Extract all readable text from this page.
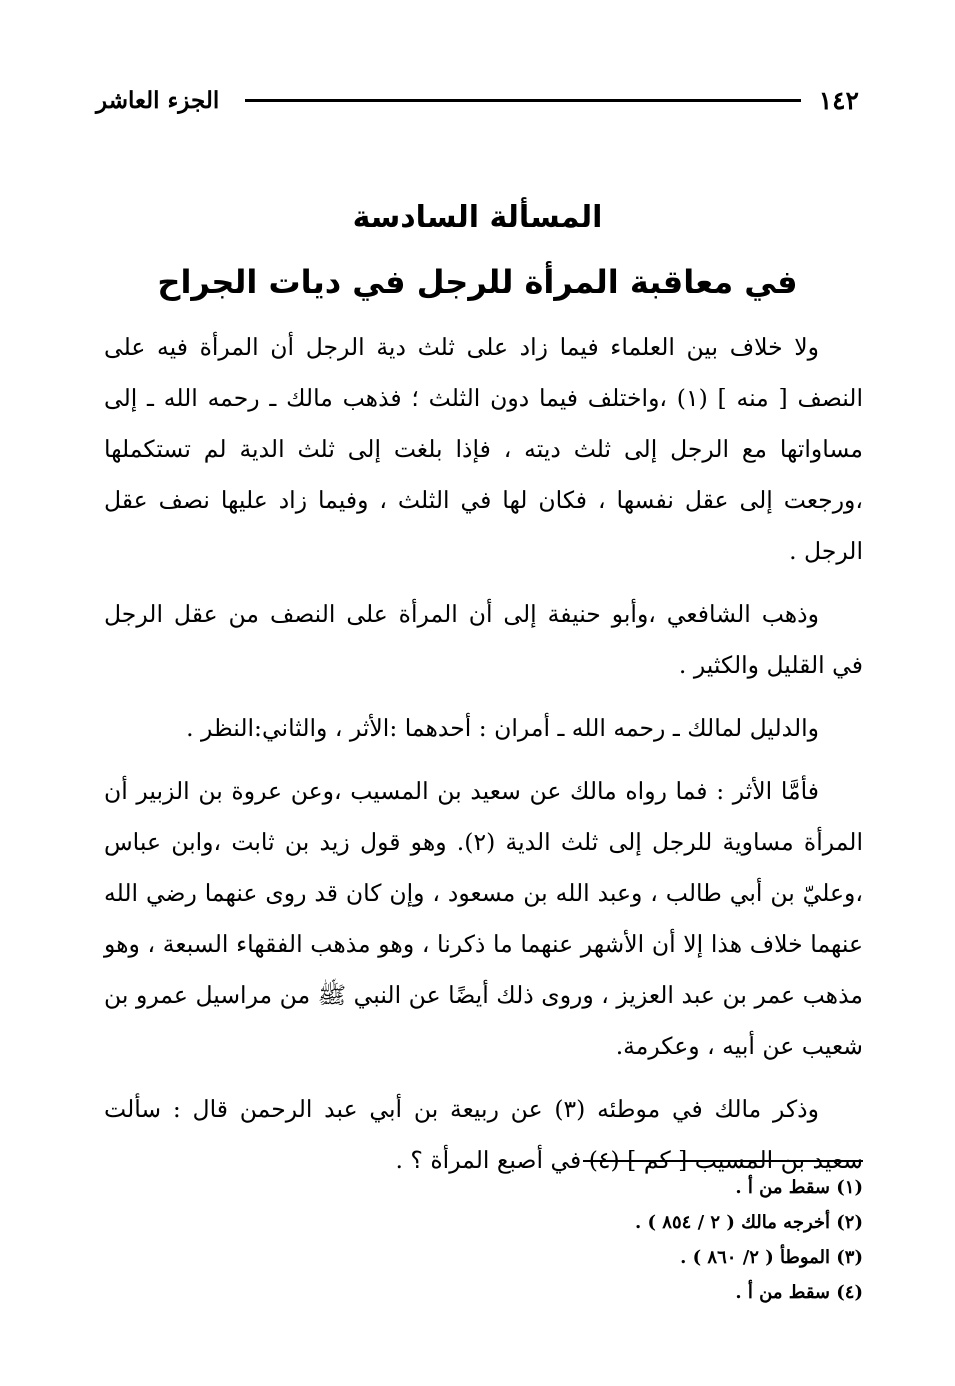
١٤٢
الجزء العاشر
المسألة السادسة
في معاقبة المرأة للرجل في ديات الجراح

ولا خلاف بين العلماء فيما زاد على ثلث دية الرجل أن المرأة فيه على النصف [ منه ] (١) ،واختلف فيما دون الثلث ؛ فذهب مالك ـ رحمه الله ـ إلى مساواتها مع الرجل إلى ثلث ديته ، فإذا بلغت إلى ثلث الدية لم تستكملها ،ورجعت إلى عقل نفسها ، فكان لها في الثلث ، وفيما زاد عليها نصف عقل الرجل .

وذهب الشافعي ،وأبو حنيفة إلى أن المرأة على النصف من عقل الرجل في القليل والكثير .

والدليل لمالك ـ رحمه الله ـ أمران : أحدهما :الأثر ، والثاني:النظر .

فأمَّا الأثر : فما رواه مالك عن سعيد بن المسيب ،وعن عروة بن الزبير أن المرأة مساوية للرجل إلى ثلث الدية (٢). وهو قول زيد بن ثابت ،وابن عباس ،وعليّ بن أبي طالب ، وعبد الله بن مسعود ، وإن كان قد روى عنهما رضي الله عنهما خلاف هذا إلا أن الأشهر عنهما ما ذكرنا ، وهو مذهب الفقهاء السبعة ، وهو مذهب عمر بن عبد العزيز ، وروى ذلك أيضًا عن النبي ﷺ من مراسيل عمرو بن شعيب عن أبيه ، وعكرمة.

وذكر مالك في موطئه (٣) عن ربيعة بن أبي عبد الرحمن قال : سألت سعيد بن المسيب [ كم ] (٤) في أصبع المرأة ؟ .

(١) سقط من أ .
(٢) أخرجه مالك ( ٢ / ٨٥٤ ) .
(٣) الموطأ ( ٢/ ٨٦٠ ) .
(٤) سقط من أ .
